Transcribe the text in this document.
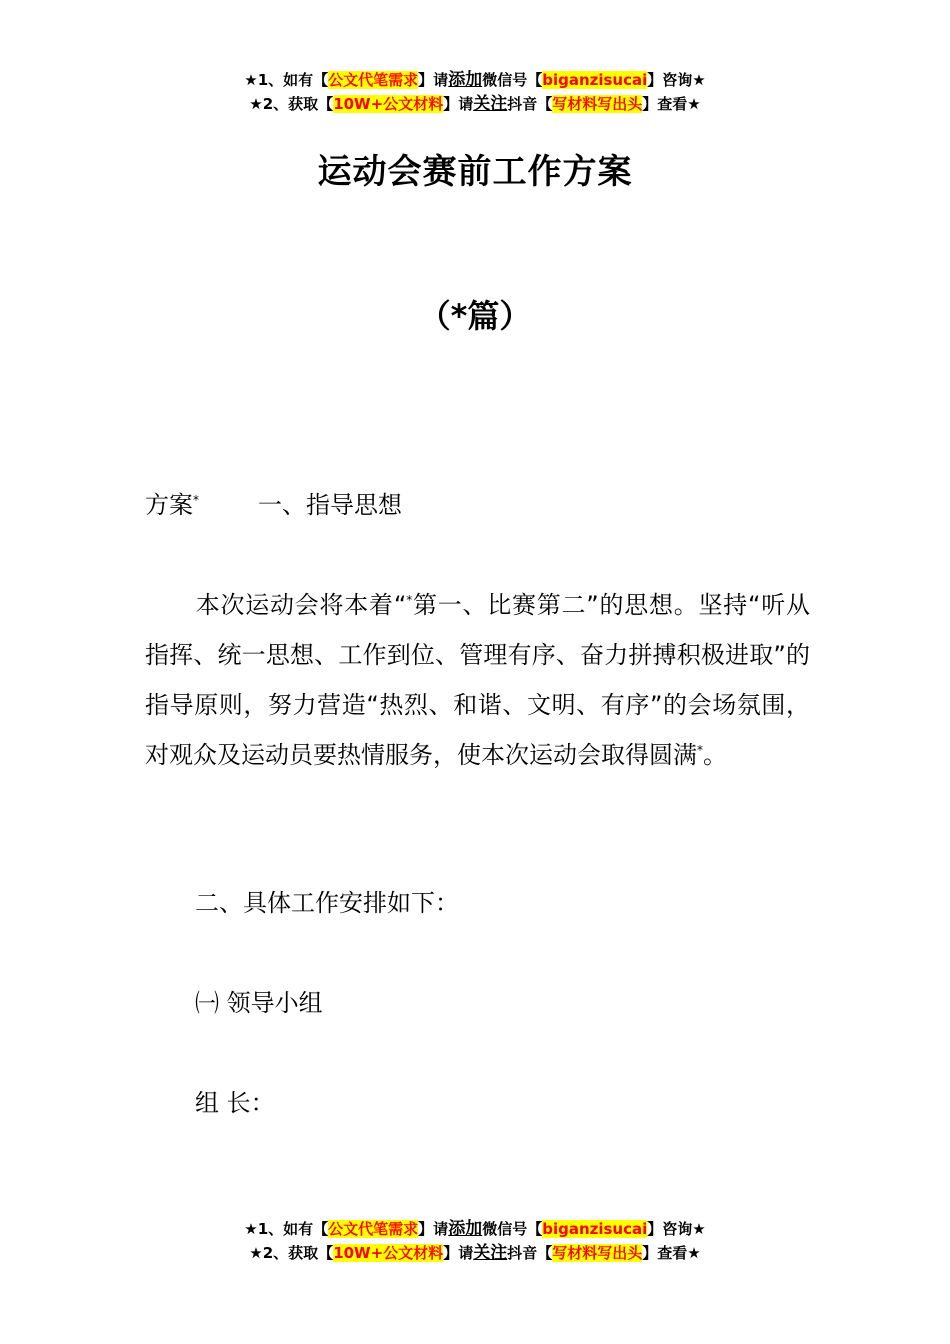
★1、如有【公文代笔需求】请添加微信号【biganzisucai】咨询★
★2、获取【10W+公文材料】请关注抖音【写材料写出头】查看★
运动会赛前工作方案
（*篇）
方案* 一、指导思想
本次运动会将本着“*第一、比赛第二”的思想。坚持“听从指挥、统一思想、工作到位、管理有序、奋力拼搏积极进取”的指导原则，努力营造“热烈、和谐、文明、有序”的会场氛围，对观众及运动员要热情服务，使本次运动会取得圆满*。
二、具体工作安排如下：
㈠ 领导小组
组 长：
★1、如有【公文代笔需求】请添加微信号【biganzisucai】咨询★
★2、获取【10W+公文材料】请关注抖音【写材料写出头】查看★
